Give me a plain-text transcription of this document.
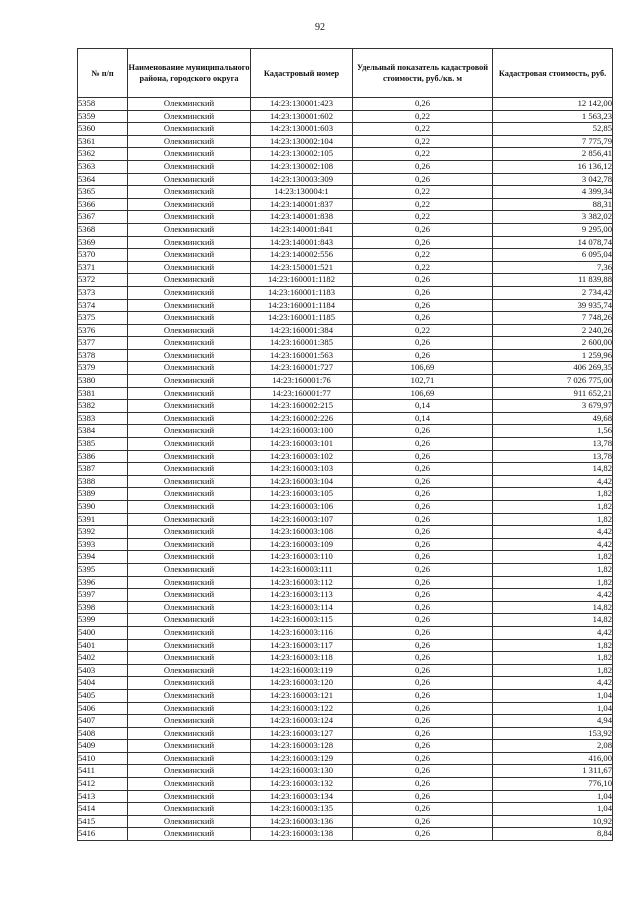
92
№ п/п	Наименование муниципального района, городского округа	Кадастровый номер	Удельный показатель кадастровой стоимости, руб./кв. м	Кадастровая стоимость, руб.
5358	Олекминский	14:23:130001:423	0,26	12 142,00
5359	Олекминский	14:23:130001:602	0,22	1 563,23
5360	Олекминский	14:23:130001:603	0,22	52,85
5361	Олекминский	14:23:130002:104	0,22	7 775,79
5362	Олекминский	14:23:130002:105	0,22	2 856,41
5363	Олекминский	14:23:130002:108	0,26	16 136,12
5364	Олекминский	14:23:130003:309	0,26	3 042,78
5365	Олекминский	14:23:130004:1	0,22	4 399,34
5366	Олекминский	14:23:140001:837	0,22	88,31
5367	Олекминский	14:23:140001:838	0,22	3 382,02
5368	Олекминский	14:23:140001:841	0,26	9 295,00
5369	Олекминский	14:23:140001:843	0,26	14 078,74
5370	Олекминский	14:23:140002:556	0,22	6 095,04
5371	Олекминский	14:23:150001:521	0,22	7,36
5372	Олекминский	14:23:160001:1182	0,26	11 839,88
5373	Олекминский	14:23:160001:1183	0,26	2 734,42
5374	Олекминский	14:23:160001:1184	0,26	39 935,74
5375	Олекминский	14:23:160001:1185	0,26	7 748,26
5376	Олекминский	14:23:160001:384	0,22	2 240,26
5377	Олекминский	14:23:160001:385	0,26	2 600,00
5378	Олекминский	14:23:160001:563	0,26	1 259,96
5379	Олекминский	14:23:160001:727	106,69	406 269,35
5380	Олекминский	14:23:160001:76	102,71	7 026 775,00
5381	Олекминский	14:23:160001:77	106,69	911 652,21
5382	Олекминский	14:23:160002:215	0,14	3 679,97
5383	Олекминский	14:23:160002:226	0,14	49,68
5384	Олекминский	14:23:160003:100	0,26	1,56
5385	Олекминский	14:23:160003:101	0,26	13,78
5386	Олекминский	14:23:160003:102	0,26	13,78
5387	Олекминский	14:23:160003:103	0,26	14,82
5388	Олекминский	14:23:160003:104	0,26	4,42
5389	Олекминский	14:23:160003:105	0,26	1,82
5390	Олекминский	14:23:160003:106	0,26	1,82
5391	Олекминский	14:23:160003:107	0,26	1,82
5392	Олекминский	14:23:160003:108	0,26	4,42
5393	Олекминский	14:23:160003:109	0,26	4,42
5394	Олекминский	14:23:160003:110	0,26	1,82
5395	Олекминский	14:23:160003:111	0,26	1,82
5396	Олекминский	14:23:160003:112	0,26	1,82
5397	Олекминский	14:23:160003:113	0,26	4,42
5398	Олекминский	14:23:160003:114	0,26	14,82
5399	Олекминский	14:23:160003:115	0,26	14,82
5400	Олекминский	14:23:160003:116	0,26	4,42
5401	Олекминский	14:23:160003:117	0,26	1,82
5402	Олекминский	14:23:160003:118	0,26	1,82
5403	Олекминский	14:23:160003:119	0,26	1,82
5404	Олекминский	14:23:160003:120	0,26	4,42
5405	Олекминский	14:23:160003:121	0,26	1,04
5406	Олекминский	14:23:160003:122	0,26	1,04
5407	Олекминский	14:23:160003:124	0,26	4,94
5408	Олекминский	14:23:160003:127	0,26	153,92
5409	Олекминский	14:23:160003:128	0,26	2,08
5410	Олекминский	14:23:160003:129	0,26	416,00
5411	Олекминский	14:23:160003:130	0,26	1 311,67
5412	Олекминский	14:23:160003:132	0,26	776,10
5413	Олекминский	14:23:160003:134	0,26	1,04
5414	Олекминский	14:23:160003:135	0,26	1,04
5415	Олекминский	14:23:160003:136	0,26	10,92
5416	Олекминский	14:23:160003:138	0,26	8,84
